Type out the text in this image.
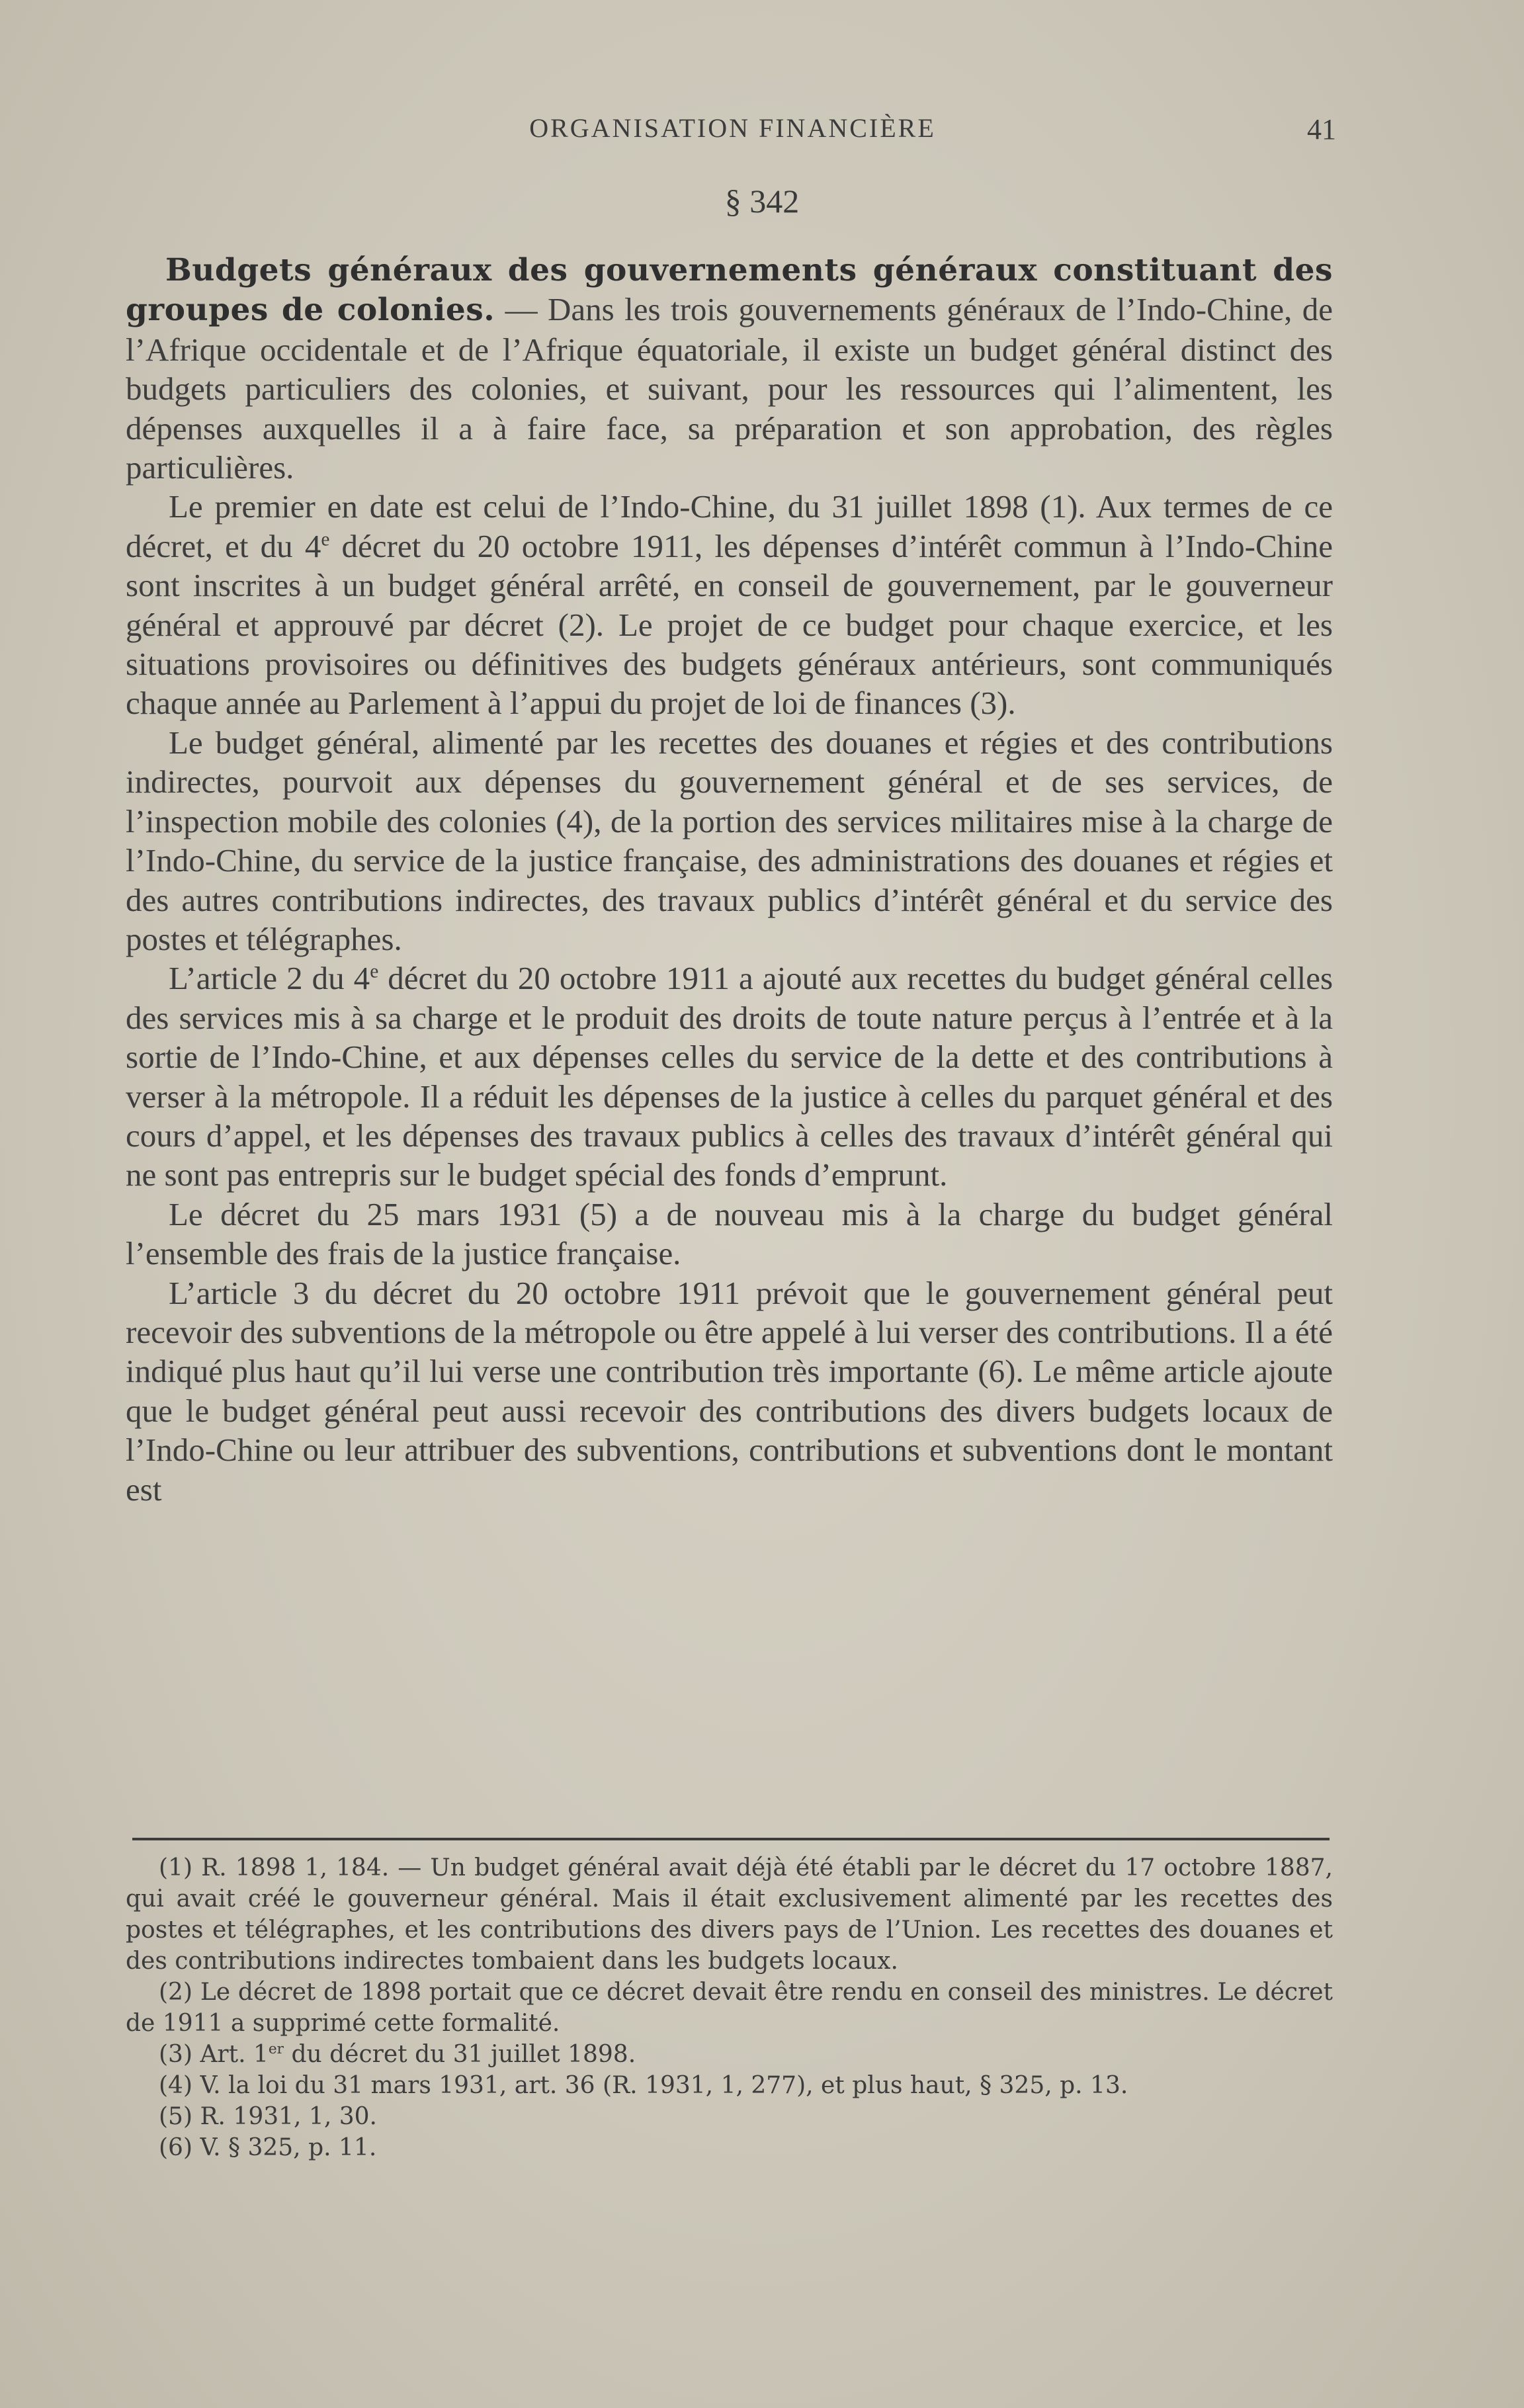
ORGANISATION FINANCIÈRE	41
§ 342

Budgets généraux des gouvernements généraux constituant des groupes de colonies. — Dans les trois gouvernements généraux de l’Indo-Chine, de l’Afrique occidentale et de l’Afrique équatoriale, il existe un budget général distinct des budgets particuliers des colonies, et suivant, pour les ressources qui l’alimentent, les dépenses auxquelles il a à faire face, sa préparation et son approbation, des règles particulières.

Le premier en date est celui de l’Indo-Chine, du 31 juillet 1898 (1). Aux termes de ce décret, et du 4e décret du 20 octobre 1911, les dépenses d’intérêt commun à l’Indo-Chine sont inscrites à un budget général arrêté, en conseil de gouvernement, par le gouverneur général et approuvé par décret (2). Le projet de ce budget pour chaque exercice, et les situations provisoires ou définitives des budgets généraux antérieurs, sont communiqués chaque année au Parlement à l’appui du projet de loi de finances (3).

Le budget général, alimenté par les recettes des douanes et régies et des contributions indirectes, pourvoit aux dépenses du gouvernement général et de ses services, de l’inspection mobile des colonies (4), de la portion des services militaires mise à la charge de l’Indo-Chine, du service de la justice française, des administrations des douanes et régies et des autres contributions indirectes, des travaux publics d’intérêt général et du service des postes et télégraphes.

L’article 2 du 4e décret du 20 octobre 1911 a ajouté aux recettes du budget général celles des services mis à sa charge et le produit des droits de toute nature perçus à l’entrée et à la sortie de l’Indo-Chine, et aux dépenses celles du service de la dette et des contributions à verser à la métropole. Il a réduit les dépenses de la justice à celles du parquet général et des cours d’appel, et les dépenses des travaux publics à celles des travaux d’intérêt général qui ne sont pas entrepris sur le budget spécial des fonds d’emprunt.

Le décret du 25 mars 1931 (5) a de nouveau mis à la charge du budget général l’ensemble des frais de la justice française.

L’article 3 du décret du 20 octobre 1911 prévoit que le gouvernement général peut recevoir des subventions de la métropole ou être appelé à lui verser des contributions. Il a été indiqué plus haut qu’il lui verse une contribution très importante (6). Le même article ajoute que le budget général peut aussi recevoir des contributions des divers budgets locaux de l’Indo-Chine ou leur attribuer des subventions, contributions et subventions dont le montant est

(1) R. 1898 1, 184. — Un budget général avait déjà été établi par le décret du 17 octobre 1887, qui avait créé le gouverneur général. Mais il était exclusivement alimenté par les recettes des postes et télégraphes, et les contributions des divers pays de l’Union. Les recettes des douanes et des contributions indirectes tombaient dans les budgets locaux.

(2) Le décret de 1898 portait que ce décret devait être rendu en conseil des ministres. Le décret de 1911 a supprimé cette formalité.

(3) Art. 1er du décret du 31 juillet 1898.

(4) V. la loi du 31 mars 1931, art. 36 (R. 1931, 1, 277), et plus haut, § 325, p. 13.

(5) R. 1931, 1, 30.

(6) V. § 325, p. 11.
